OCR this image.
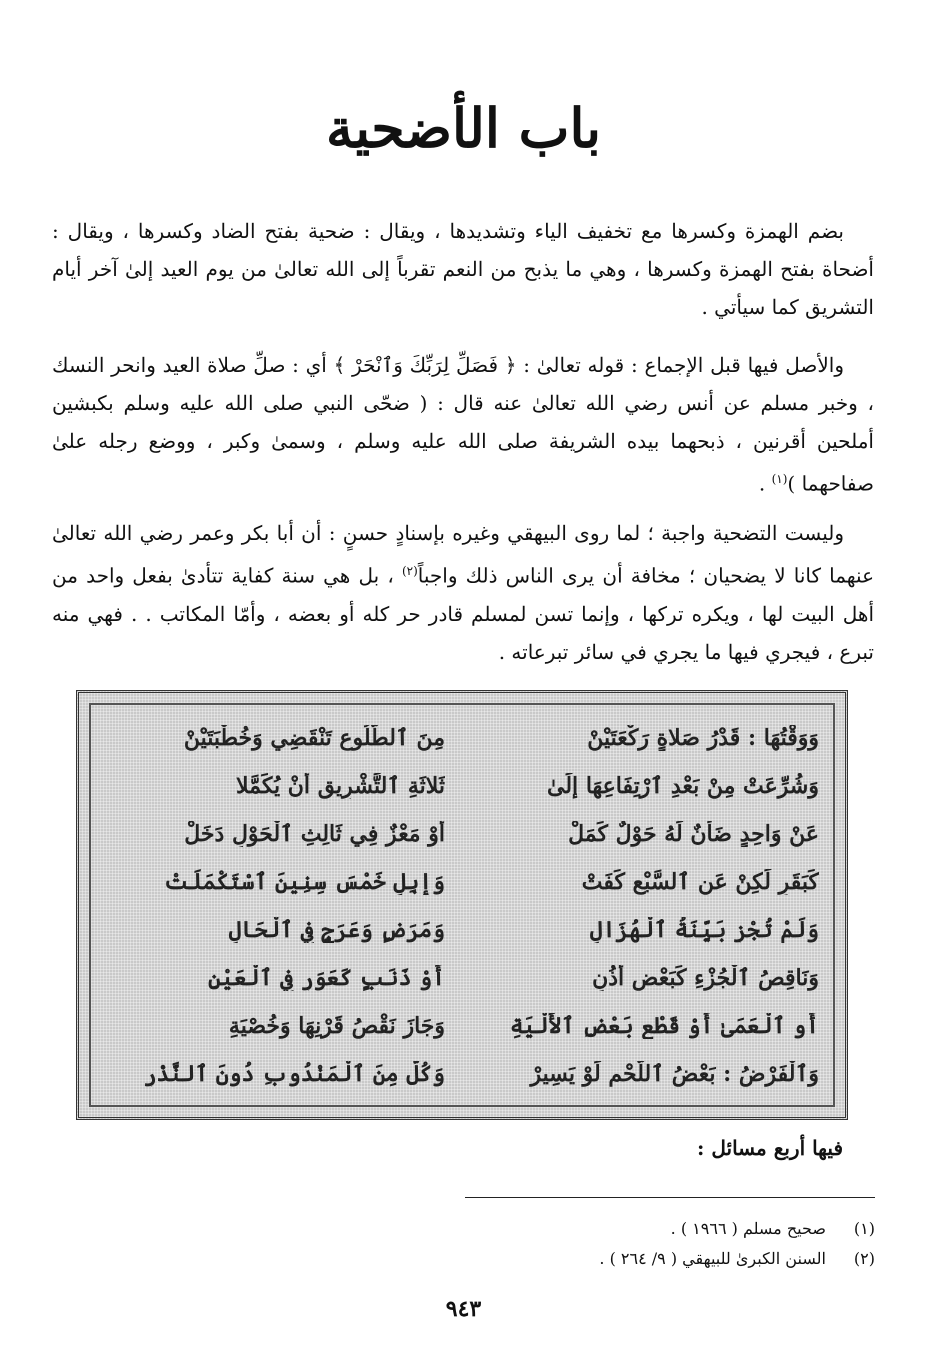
باب الأضحية

بضم الهمزة وكسرها مع تخفيف الياء وتشديدها ، ويقال : ضحية بفتح الضاد وكسرها ، ويقال : أضحاة بفتح الهمزة وكسرها ، وهي ما يذبح من النعم تقرباً إلى الله تعالىٰ من يوم العيد إلىٰ آخر أيام التشريق كما سيأتي .

والأصل فيها قبل الإجماع : قوله تعالىٰ : ﴿ فَصَلِّ لِرَبِّكَ وَٱنْحَرْ ﴾ أي : صلِّ صلاة العيد وانحر النسك ، وخبر مسلم عن أنس رضي الله تعالىٰ عنه قال : ( ضحّى النبي صلى الله عليه وسلم بكبشين أملحين أقرنين ، ذبحهما بيده الشريفة صلى الله عليه وسلم ، وسمىٰ وكبر ، ووضع رجله علىٰ صفاحهما )$^{(١)}$ .

وليست التضحية واجبة ؛ لما روى البيهقي وغيره بإسنادٍ حسنٍ : أن أبا بكر وعمر رضي الله تعالىٰ عنهما كانا لا يضحيان ؛ مخافة أن يرى الناس ذلك واجباً$^{(٢)}$ ، بل هي سنة كفاية تتأدىٰ بفعل واحد من أهل البيت لها ، ويكره تركها ، وإنما تسن لمسلم قادر حر كله أو بعضه ، وأمّا المكاتب . . فهي منه تبرع ، فيجري فيها ما يجري في سائر تبرعاته .

وَوَقْتُهَا : قَدْرُ صَلاةٍ رَكْعَتَيْنْ
مِنَ ٱلطُّلُوعِ تَنْقَضِي وَخُطْبَتَيْنْ
وَشُرِّعَتْ مِنْ بَعْدِ ٱرْتِفَاعِهَا إِلَىٰ
ثَلاثَةِ ٱلتَّشْرِيقِ أَنْ يُكَمَّلا
عَنْ وَاحِدٍ ضَأْنٌ لَهُ حَوْلٌ كَمَلْ
أَوْ مَعْزٌ فِي ثَالِثِ ٱلْحَوْلِ دَخَلْ
كَبَقَرٍ لَكِنْ عَنِ ٱلسَّبْعِ كَفَتْ
وَإِبِلٍ خَمْسَ سِنِينَ ٱسْتَكْمَلَتْ
وَلَمْ تُجْزِ بَيِّنَةُ ٱلْهُزَالِ
وَمَرَضٍ وَعَرَجٍ فِي ٱلْحَالِ
وَنَاقِصُ ٱلْجُزْءِ كَبَعْضِ أُذُنِ
أَوْ ذَنَبٍ كَعَوَرٍ فِي ٱلْعَيْنِ
أَوِ ٱلْعَمَىٰ أَوْ قَطْعِ بَعْضِ ٱلأَلْيَةِ
وَجَازَ نَقْصُ قَرْنِهَا وَخُصْيَةِ
وَٱلْفَرْضُ : بَعْضُ ٱللَّحْمِ لَوْ يَسِيرْ
وَكُلُّ مِنَ ٱلْمَنْدُوبِ دُونَ ٱلنَّذْرِ
فيها أربع مسائل :
(١) صحيح مسلم ( ١٩٦٦ ) .
(٢) السنن الكبرىٰ للبيهقي ( ٩/ ٢٦٤ ) .
٩٤٣
